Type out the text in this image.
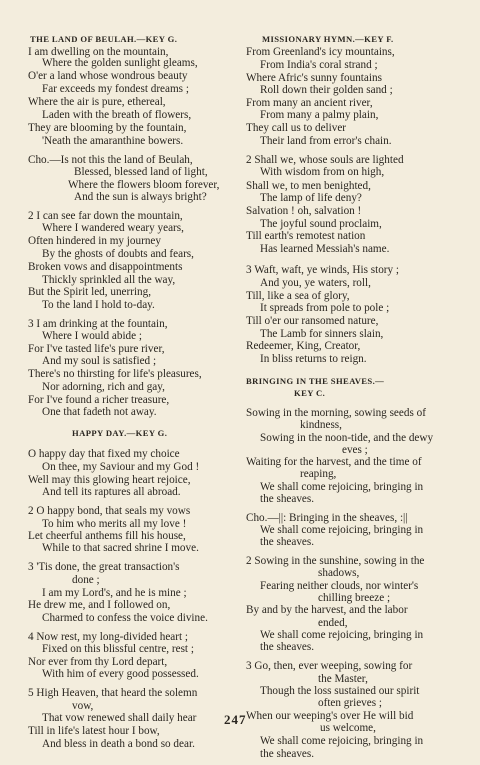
THE LAND OF BEULAH.—KEY G.
I am dwelling on the mountain,
Where the golden sunlight gleams,
O'er a land whose wondrous beauty
Far exceeds my fondest dreams ;
Where the air is pure, ethereal,
Laden with the breath of flowers,
They are blooming by the fountain,
'Neath the amaranthine bowers.
Cho.—Is not this the land of Beulah,
Blessed, blessed land of light,
Where the flowers bloom forever,
And the sun is always bright?
2 I can see far down the mountain,
Where I wandered weary years,
Often hindered in my journey
By the ghosts of doubts and fears,
Broken vows and disappointments
Thickly sprinkled all the way,
But the Spirit led, unerring,
To the land I hold to-day.
3 I am drinking at the fountain,
Where I would abide ;
For I've tasted life's pure river,
And my soul is satisfied ;
There's no thirsting for life's pleasures,
Nor adorning, rich and gay,
For I've found a richer treasure,
One that fadeth not away.
HAPPY DAY.—KEY G.
O happy day that fixed my choice
On thee, my Saviour and my God !
Well may this glowing heart rejoice,
And tell its raptures all abroad.
2 O happy bond, that seals my vows
To him who merits all my love !
Let cheerful anthems fill his house,
While to that sacred shrine I move.
3 'Tis done, the great transaction's
done ;
I am my Lord's, and he is mine ;
He drew me, and I followed on,
Charmed to confess the voice divine.
4 Now rest, my long-divided heart ;
Fixed on this blissful centre, rest ;
Nor ever from thy Lord depart,
With him of every good possessed.
5 High Heaven, that heard the solemn
vow,
That vow renewed shall daily hear
Till in life's latest hour I bow,
And bless in death a bond so dear.
MISSIONARY HYMN.—KEY F.
From Greenland's icy mountains,
From India's coral strand ;
Where Afric's sunny fountains
Roll down their golden sand ;
From many an ancient river,
From many a palmy plain,
They call us to deliver
Their land from error's chain.
2 Shall we, whose souls are lighted
With wisdom from on high,
Shall we, to men benighted,
The lamp of life deny?
Salvation ! oh, salvation !
The joyful sound proclaim,
Till earth's remotest nation
Has learned Messiah's name.
3 Waft, waft, ye winds, His story ;
And you, ye waters, roll,
Till, like a sea of glory,
It spreads from pole to pole ;
Till o'er our ransomed nature,
The Lamb for sinners slain,
Redeemer, King, Creator,
In bliss returns to reign.
BRINGING IN THE SHEAVES.—
KEY C.
Sowing in the morning, sowing seeds of
kindness,
Sowing in the noon-tide, and the dewy
eves ;
Waiting for the harvest, and the time of
reaping,
We shall come rejoicing, bringing in
the sheaves.
Cho.—||: Bringing in the sheaves, :||
We shall come rejoicing, bringing in
the sheaves.
2 Sowing in the sunshine, sowing in the
shadows,
Fearing neither clouds, nor winter's
chilling breeze ;
By and by the harvest, and the labor
ended,
We shall come rejoicing, bringing in
the sheaves.
3 Go, then, ever weeping, sowing for
the Master,
Though the loss sustained our spirit
often grieves ;
When our weeping's over He will bid
us welcome,
We shall come rejoicing, bringing in
the sheaves.
247
